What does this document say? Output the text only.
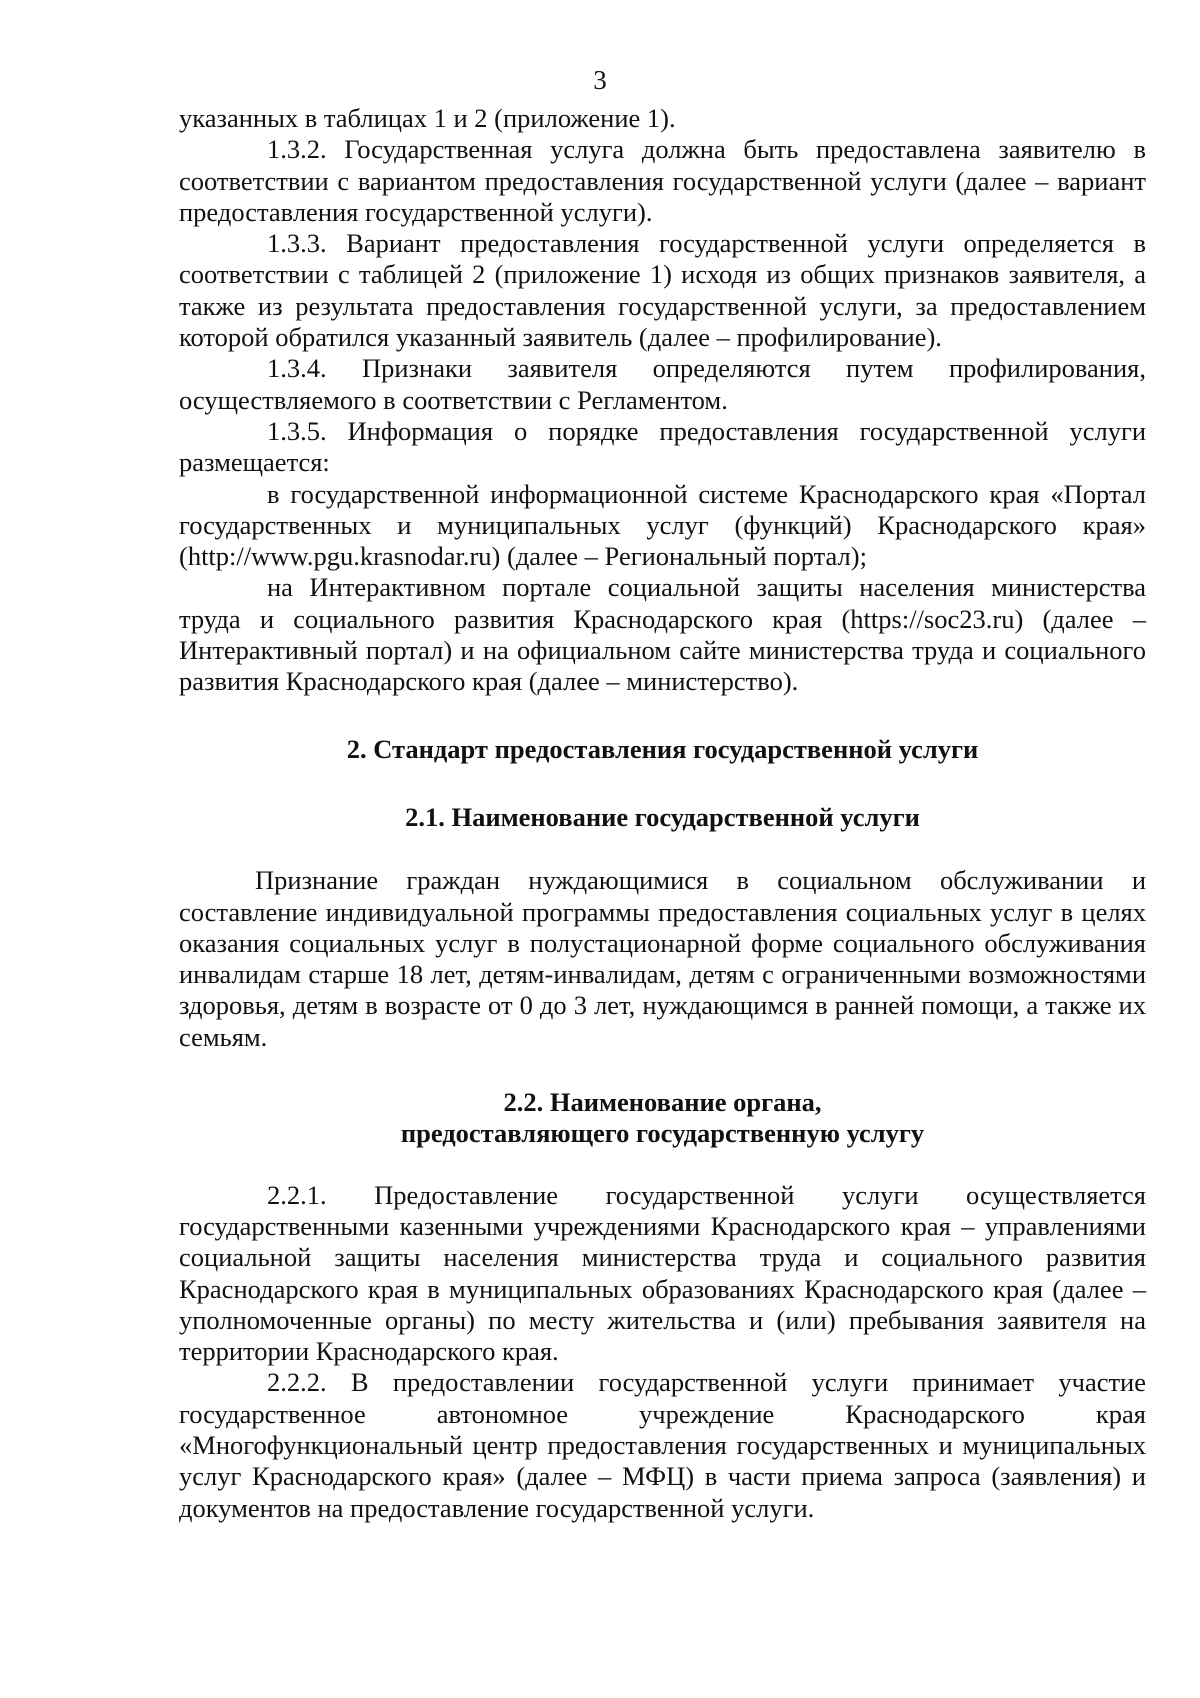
3

указанных в таблицах 1 и 2 (приложение 1).

1.3.2. Государственная услуга должна быть предоставлена заявителю в соответствии с вариантом предоставления государственной услуги (далее – вариант предоставления государственной услуги).

1.3.3. Вариант предоставления государственной услуги определяется в соответствии с таблицей 2 (приложение 1) исходя из общих признаков заявителя, а также из результата предоставления государственной услуги, за предоставлением которой обратился указанный заявитель (далее – профилирование).

1.3.4. Признаки заявителя определяются путем профилирования, осуществляемого в соответствии с Регламентом.

1.3.5. Информация о порядке предоставления государственной услуги размещается:

в государственной информационной системе Краснодарского края «Портал государственных и муниципальных услуг (функций) Краснодарского края» (http://www.pgu.krasnodar.ru) (далее – Региональный портал);

на Интерактивном портале социальной защиты населения министерства труда и социального развития Краснодарского края (https://soc23.ru) (далее – Интерактивный портал) и на официальном сайте министерства труда и социального развития Краснодарского края (далее – министерство).

2. Стандарт предоставления государственной услуги

2.1. Наименование государственной услуги

Признание граждан нуждающимися в социальном обслуживании и составление индивидуальной программы предоставления социальных услуг в целях оказания социальных услуг в полустационарной форме социального обслуживания инвалидам старше 18 лет, детям-инвалидам, детям с ограниченными возможностями здоровья, детям в возрасте от 0 до 3 лет, нуждающимся в ранней помощи, а также их семьям.

2.2. Наименование органа,

предоставляющего государственную услугу

2.2.1. Предоставление государственной услуги осуществляется государственными казенными учреждениями Краснодарского края – управлениями социальной защиты населения министерства труда и социального развития Краснодарского края в муниципальных образованиях Краснодарского края (далее – уполномоченные органы) по месту жительства и (или) пребывания заявителя на территории Краснодарского края.

2.2.2. В предоставлении государственной услуги принимает участие государственное автономное учреждение Краснодарского края «Многофункциональный центр предоставления государственных и муниципальных услуг Краснодарского края» (далее – МФЦ) в части приема запроса (заявления) и документов на предоставление государственной услуги.
